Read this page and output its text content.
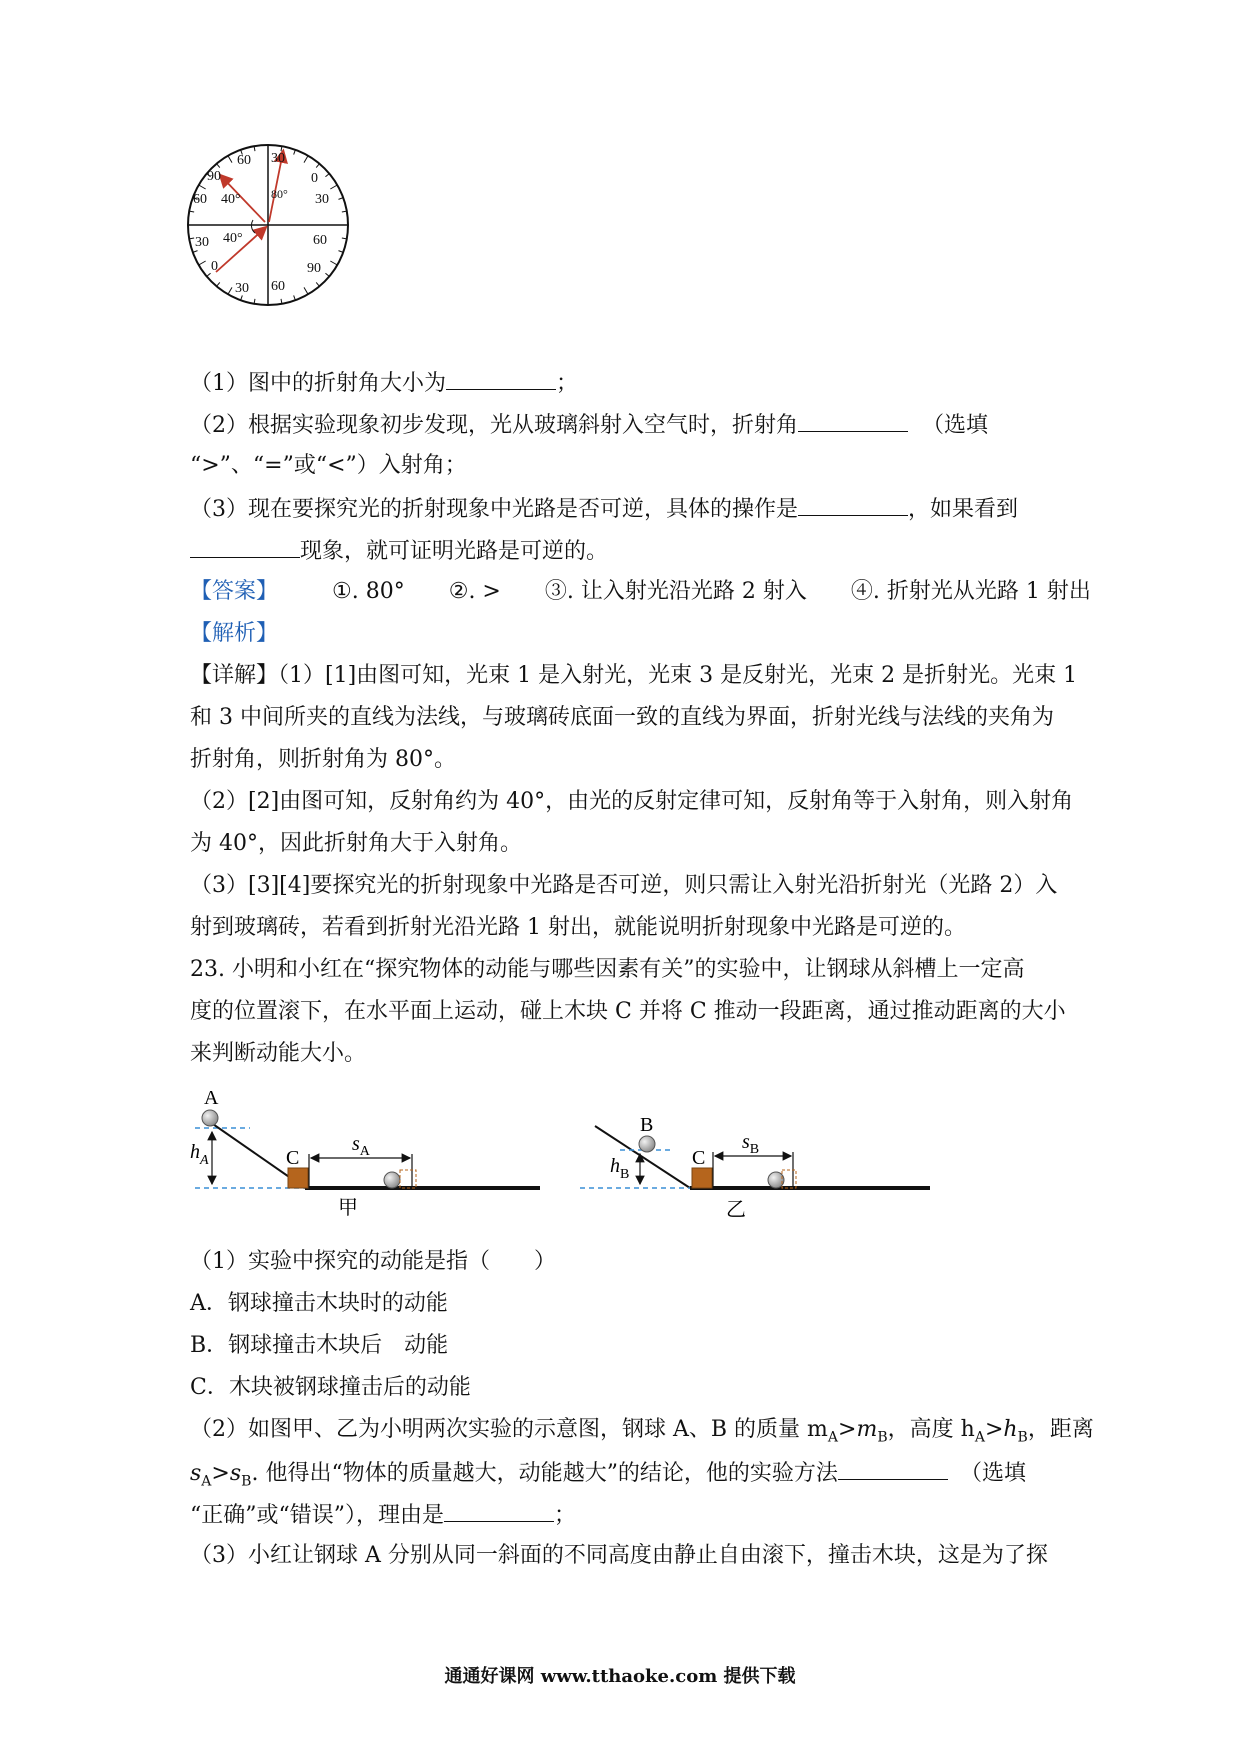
60 30
90	0
60 40°	30
80°
30 40°	60
0	90
30 60
（1）图中的折射角大小为	；
（2）根据实验现象初步发现，光从玻璃斜射入空气时，折射角	（选填
“>”、“=”或“<”）入射角；
（3）现在要探究光的折射现象中光路是否可逆，具体的操作是	，如果看到
现象，就可证明光路是可逆的。
【答案】 ①. 80° ②. > ③. 让入射光沿光路 2 射入 ④. 折射光从光路 1 射出
【解析】
【详解】（1）[1]由图可知，光束 1 是入射光，光束 3 是反射光，光束 2 是折射光。光束 1
和 3 中间所夹的直线为法线，与玻璃砖底面一致的直线为界面，折射光线与法线的夹角为
折射角，则折射角为 80°。
（2）[2]由图可知，反射角约为 40°，由光的反射定律可知，反射角等于入射角，则入射角
为 40°，因此折射角大于入射角。
（3）[3][4]要探究光的折射现象中光路是否可逆，则只需让入射光沿折射光（光路 2）入
射到玻璃砖，若看到折射光沿光路 1 射出，就能说明折射现象中光路是可逆的。
23. 小明和小红在“探究物体的动能与哪些因素有关”的实验中，让钢球从斜槽上一定高
度的位置滚下，在水平面上运动，碰上木块 C 并将 C 推动一段距离，通过推动距离的大小
来判断动能大小。
A
$h_A$	C
$s_A$
甲
B
$h_B$
C
$s_B$
乙
（1）实验中探究的动能是指（　　）
A．钢球撞击木块时的动能
B．钢球撞击木块后　动能
C．木块被钢球撞击后的动能
（2）如图甲、乙为小明两次实验的示意图，钢球 A、B 的质量 $m_A>m_B$，高度 $h_A>h_B$，距离
$s_A>s_B$. 他得出“物体的质量越大，动能越大”的结论，他的实验方法	（选填
“正确”或“错误”），理由是	；
（3）小红让钢球 A 分别从同一斜面的不同高度由静止自由滚下，撞击木块，这是为了探
通通好课网 www.tthaoke.com 提供下载
